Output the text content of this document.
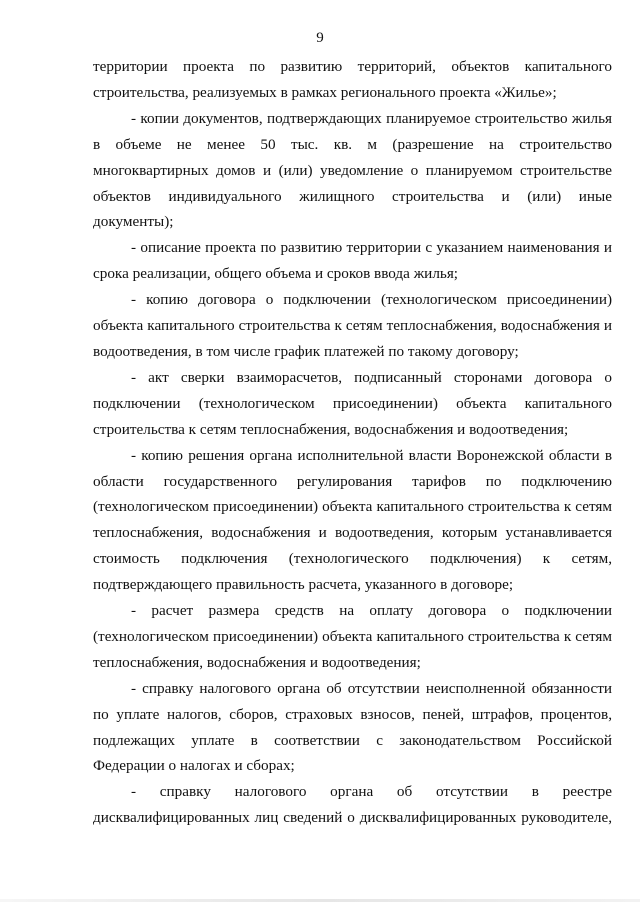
9

территории проекта по развитию территорий, объектов капитального строительства, реализуемых в рамках регионального проекта «Жилье»;

- копии документов, подтверждающих планируемое строительство жилья в объеме не менее 50 тыс. кв. м (разрешение на строительство многоквартирных домов и (или) уведомление о планируемом строительстве объектов индивидуального жилищного строительства и (или) иные документы);

- описание проекта по развитию территории с указанием наименования и срока реализации, общего объема и сроков ввода жилья;

- копию договора о подключении (технологическом присоединении) объекта капитального строительства к сетям теплоснабжения, водоснабжения и водоотведения, в том числе график платежей по такому договору;

- акт сверки взаиморасчетов, подписанный сторонами договора о подключении (технологическом присоединении) объекта капитального строительства к сетям теплоснабжения, водоснабжения и водоотведения;

- копию решения органа исполнительной власти Воронежской области в области государственного регулирования тарифов по подключению (технологическом присоединении) объекта капитального строительства к сетям теплоснабжения, водоснабжения и водоотведения, которым устанавливается стоимость подключения (технологического подключения) к сетям, подтверждающего правильность расчета, указанного в договоре;

- расчет размера средств на оплату договора о подключении (технологическом присоединении) объекта капитального строительства к сетям теплоснабжения, водоснабжения и водоотведения;

- справку налогового органа об отсутствии неисполненной обязанности по уплате налогов, сборов, страховых взносов, пеней, штрафов, процентов, подлежащих уплате в соответствии с законодательством Российской Федерации о налогах и сборах;

- справку налогового органа об отсутствии в реестре дисквалифицированных лиц сведений о дисквалифицированных руководителе,
